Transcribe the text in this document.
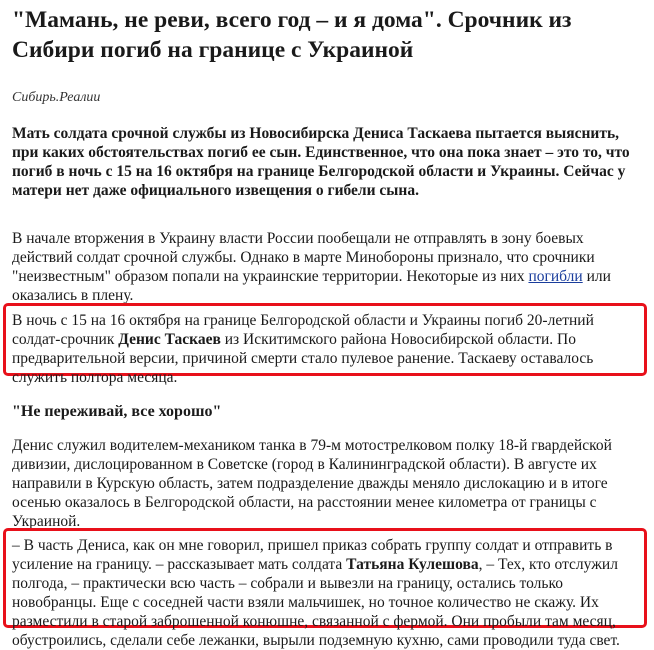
"Мамань, не реви, всего год – и я дома". Срочник из Сибири погиб на границе с Украиной
Сибирь.Реалии

Мать солдата срочной службы из Новосибирска Дениса Таскаева пытается выяснить, при каких обстоятельствах погиб ее сын. Единственное, что она пока знает – это то, что погиб в ночь с 15 на 16 октября на границе Белгородской области и Украины. Сейчас у матери нет даже официального извещения о гибели сына.

В начале вторжения в Украину власти России пообещали не отправлять в зону боевых действий солдат срочной службы. Однако в марте Минобороны признало, что срочники "неизвестным" образом попали на украинские территории. Некоторые из них погибли или оказались в плену.

В ночь с 15 на 16 октября на границе Белгородской области и Украины погиб 20-летний солдат-срочник Денис Таскаев из Искитимского района Новосибирской области. По предварительной версии, причиной смерти стало пулевое ранение. Таскаеву оставалось служить полтора месяца.

"Не переживай, все хорошо"

Денис служил водителем-механиком танка в 79-м мотострелковом полку 18-й гвардейской дивизии, дислоцированном в Советске (город в Калининградской области). В августе их направили в Курскую область, затем подразделение дважды меняло дислокацию и в итоге осенью оказалось в Белгородской области, на расстоянии менее километра от границы с Украиной.

– В часть Дениса, как он мне говорил, пришел приказ собрать группу солдат и отправить в усиление на границу. – рассказывает мать солдата Татьяна Кулешова, – Тех, кто отслужил полгода, – практически всю часть – собрали и вывезли на границу, остались только новобранцы. Еще с соседней части взяли мальчишек, но точное количество не скажу. Их разместили в старой заброшенной конюшне, связанной с фермой. Они пробыли там месяц, обустроились, сделали себе лежанки, вырыли подземную кухню, сами проводили туда свет.
